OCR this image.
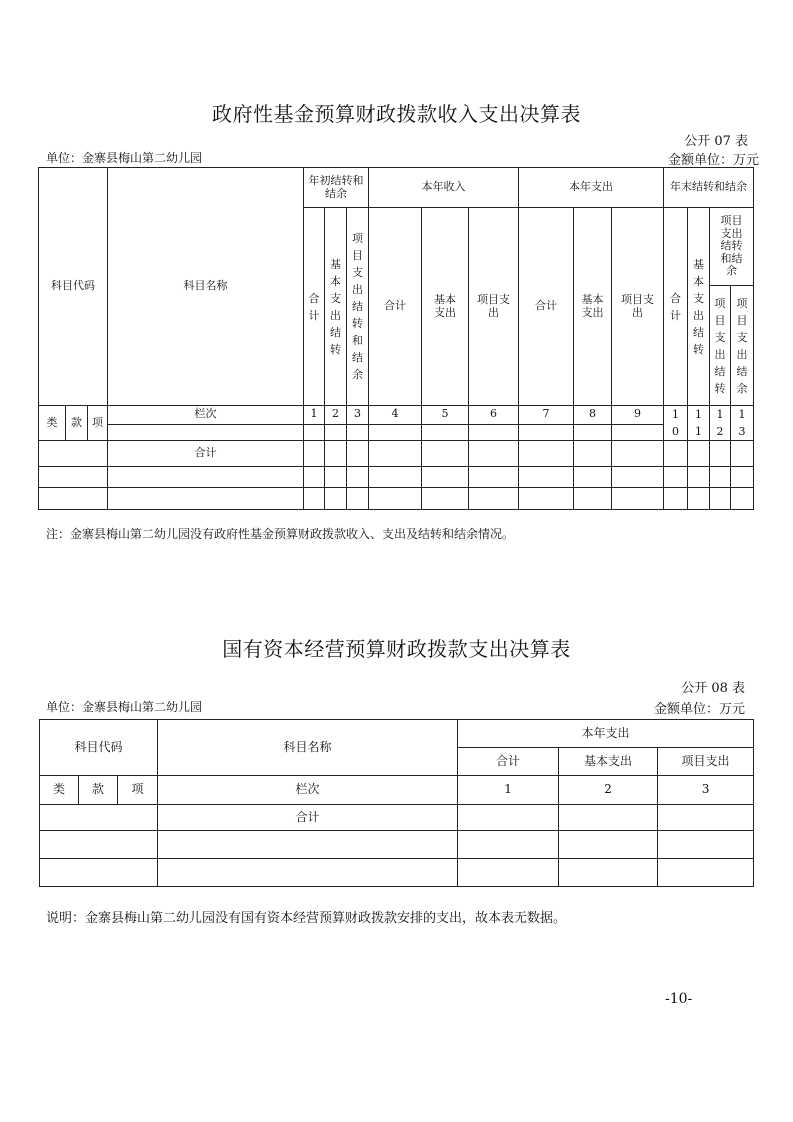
政府性基金预算财政拨款收入支出决算表
公开 07 表
单位：金寨县梅山第二幼儿园	金额单位：万元
科目代码			科目名称	年初结转和结余			本年收入			本年支出			年末结转和结余			
				合计	基本支出结转	项目支出结转和结余	合计	基本支出	项目支出	合计	基本支出	项目支出	合计	基本支出结转	项目支出结转和结余	

															项目支出结转	项目支出结余

类	款	项	栏次	1	2	3	4	5	6	7	8	9	10	11	12	13

			合计													

注：金寨县梅山第二幼儿园没有政府性基金预算财政拨款收入、支出及结转和结余情况。
国有资本经营预算财政拨款支出决算表
公开 08 表
单位：金寨县梅山第二幼儿园	金额单位：万元
科目代码			科目名称	本年支出		
				合计	基本支出	项目支出
类	款	项	栏次	1	2	3
			合计			

说明：金寨县梅山第二幼儿园没有国有资本经营预算财政拨款安排的支出，故本表无数据。
-10-
